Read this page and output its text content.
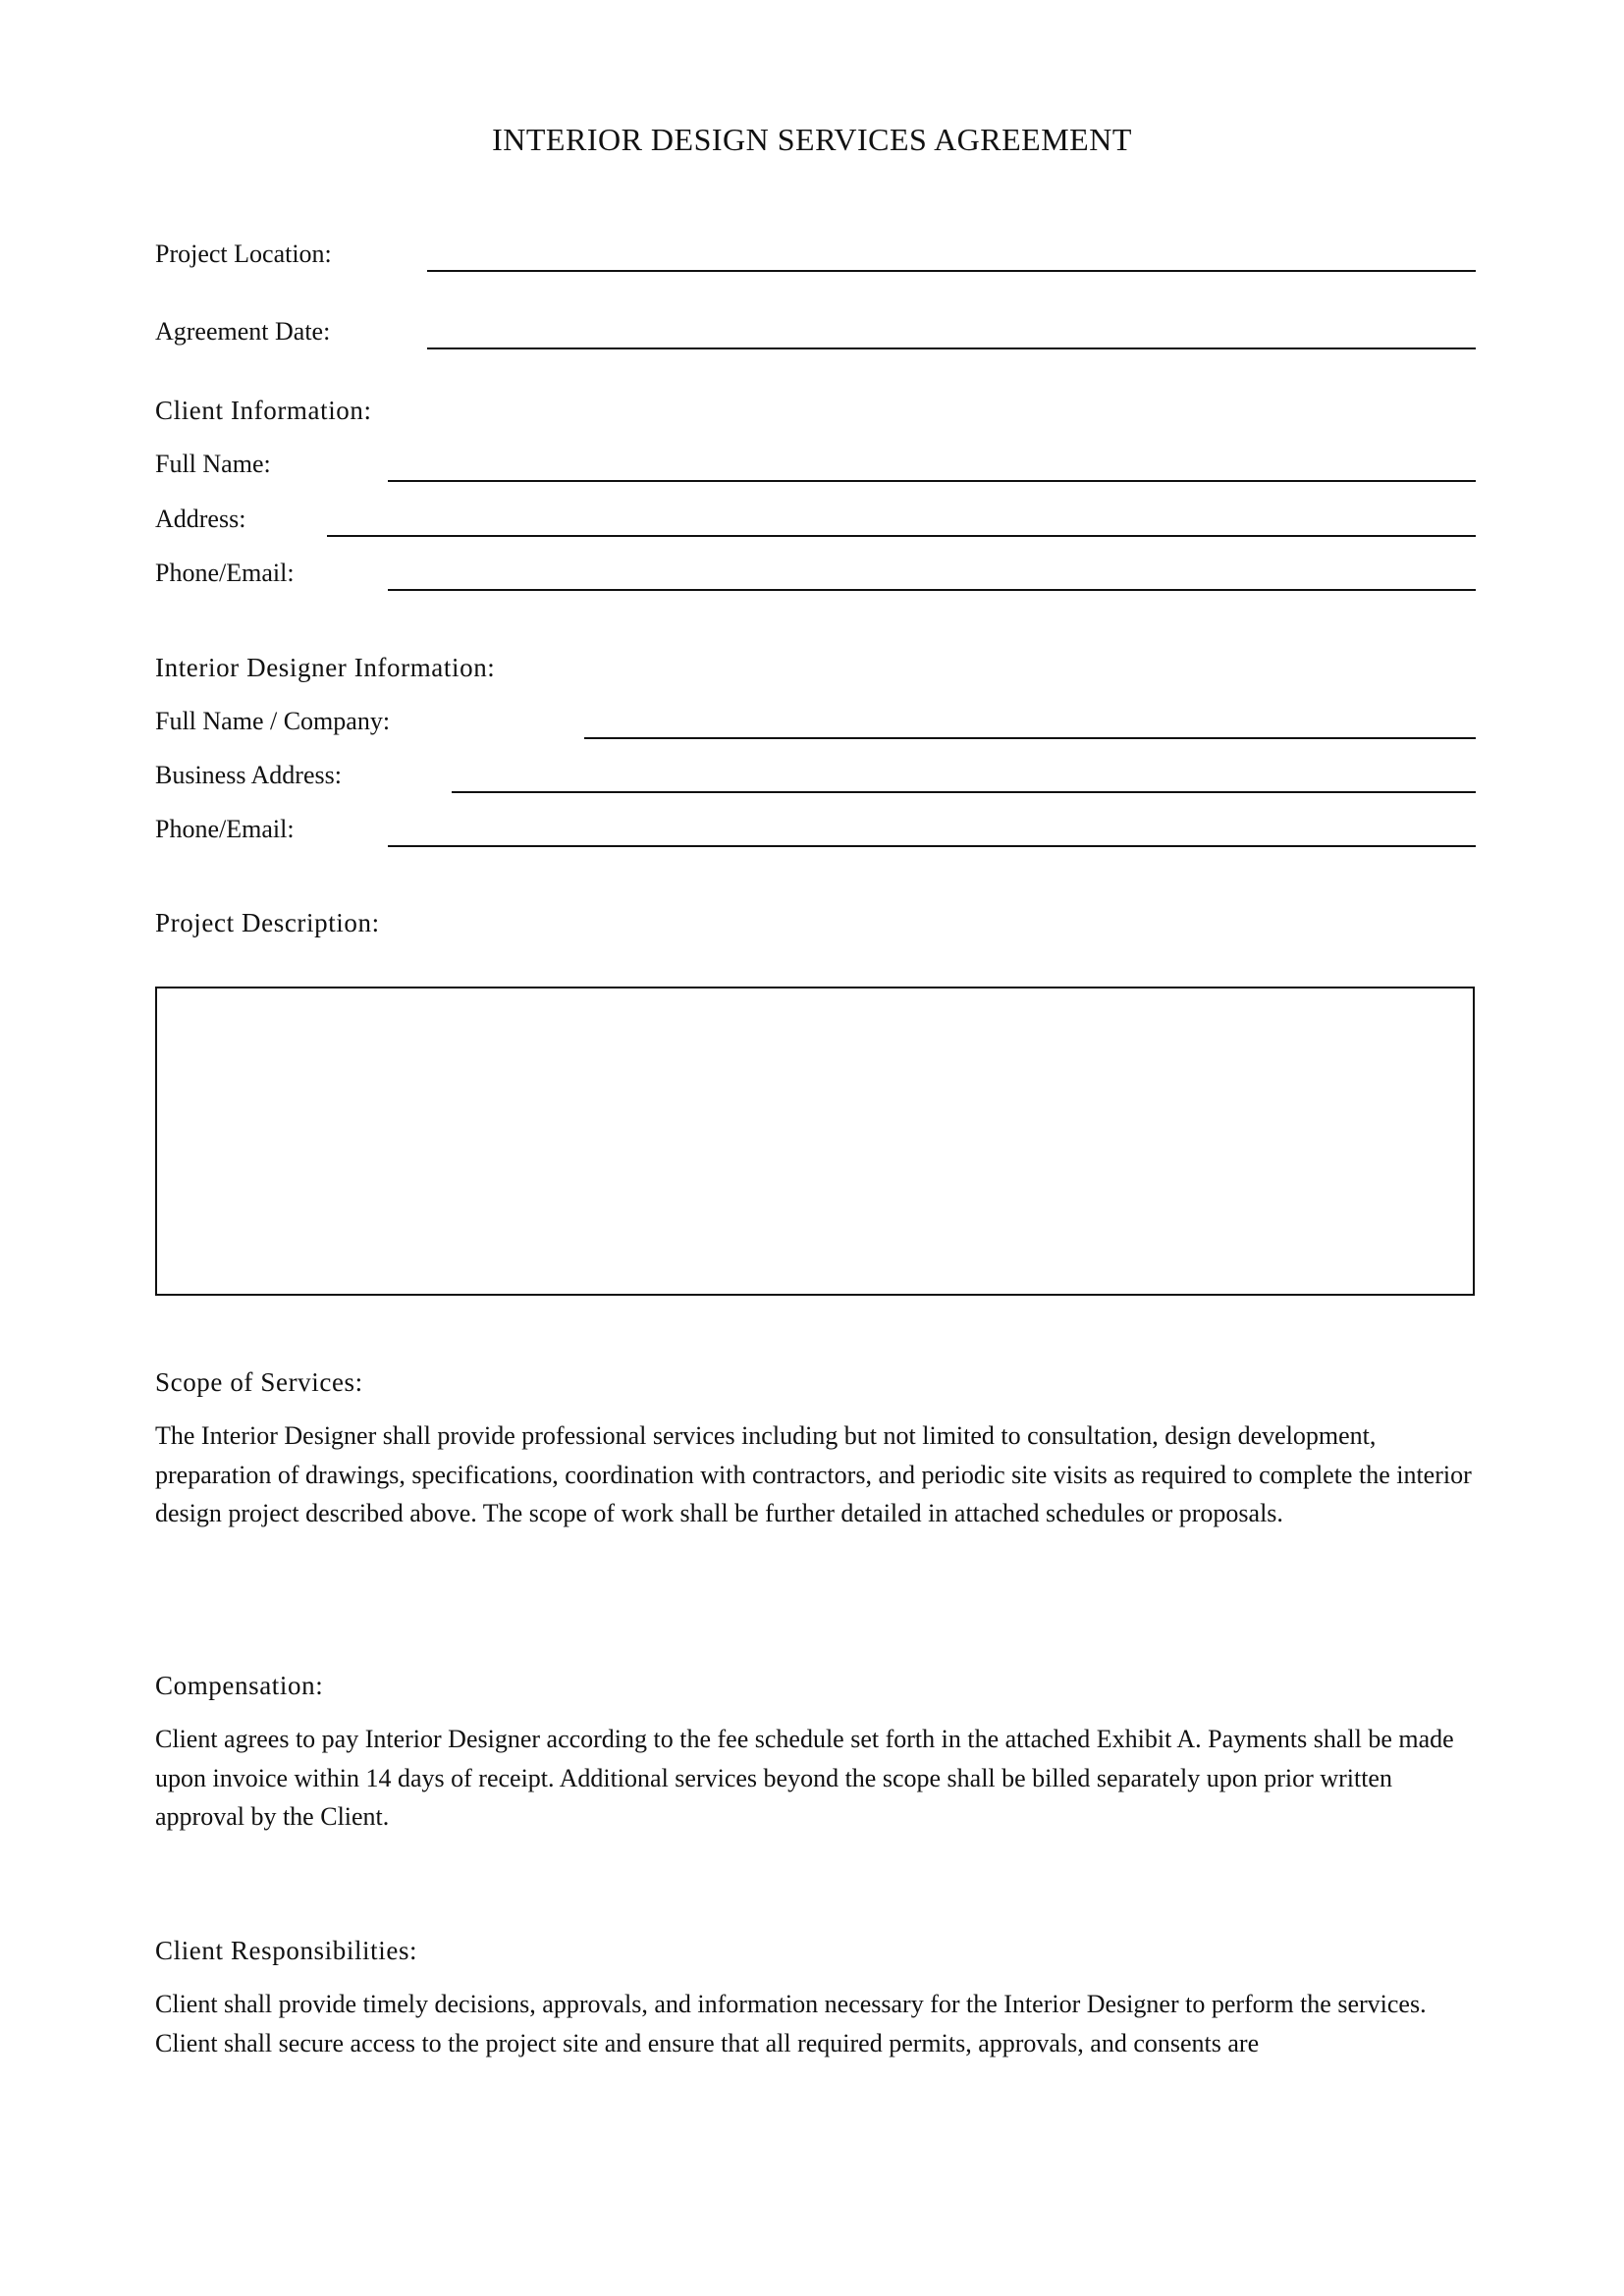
INTERIOR DESIGN SERVICES AGREEMENT
Project Location:
Agreement Date:
Client Information:
Full Name:
Address:
Phone/Email:
Interior Designer Information:
Full Name / Company:
Business Address:
Phone/Email:
Project Description:
Scope of Services:

The Interior Designer shall provide professional services including but not limited to consultation, design development, preparation of drawings, specifications, coordination with contractors, and periodic site visits as required to complete the interior design project described above. The scope of work shall be further detailed in attached schedules or proposals.

Compensation:

Client agrees to pay Interior Designer according to the fee schedule set forth in the attached Exhibit A. Payments shall be made upon invoice within 14 days of receipt. Additional services beyond the scope shall be billed separately upon prior written approval by the Client.

Client Responsibilities:

Client shall provide timely decisions, approvals, and information necessary for the Interior Designer to perform the services. Client shall secure access to the project site and ensure that all required permits, approvals, and consents are
